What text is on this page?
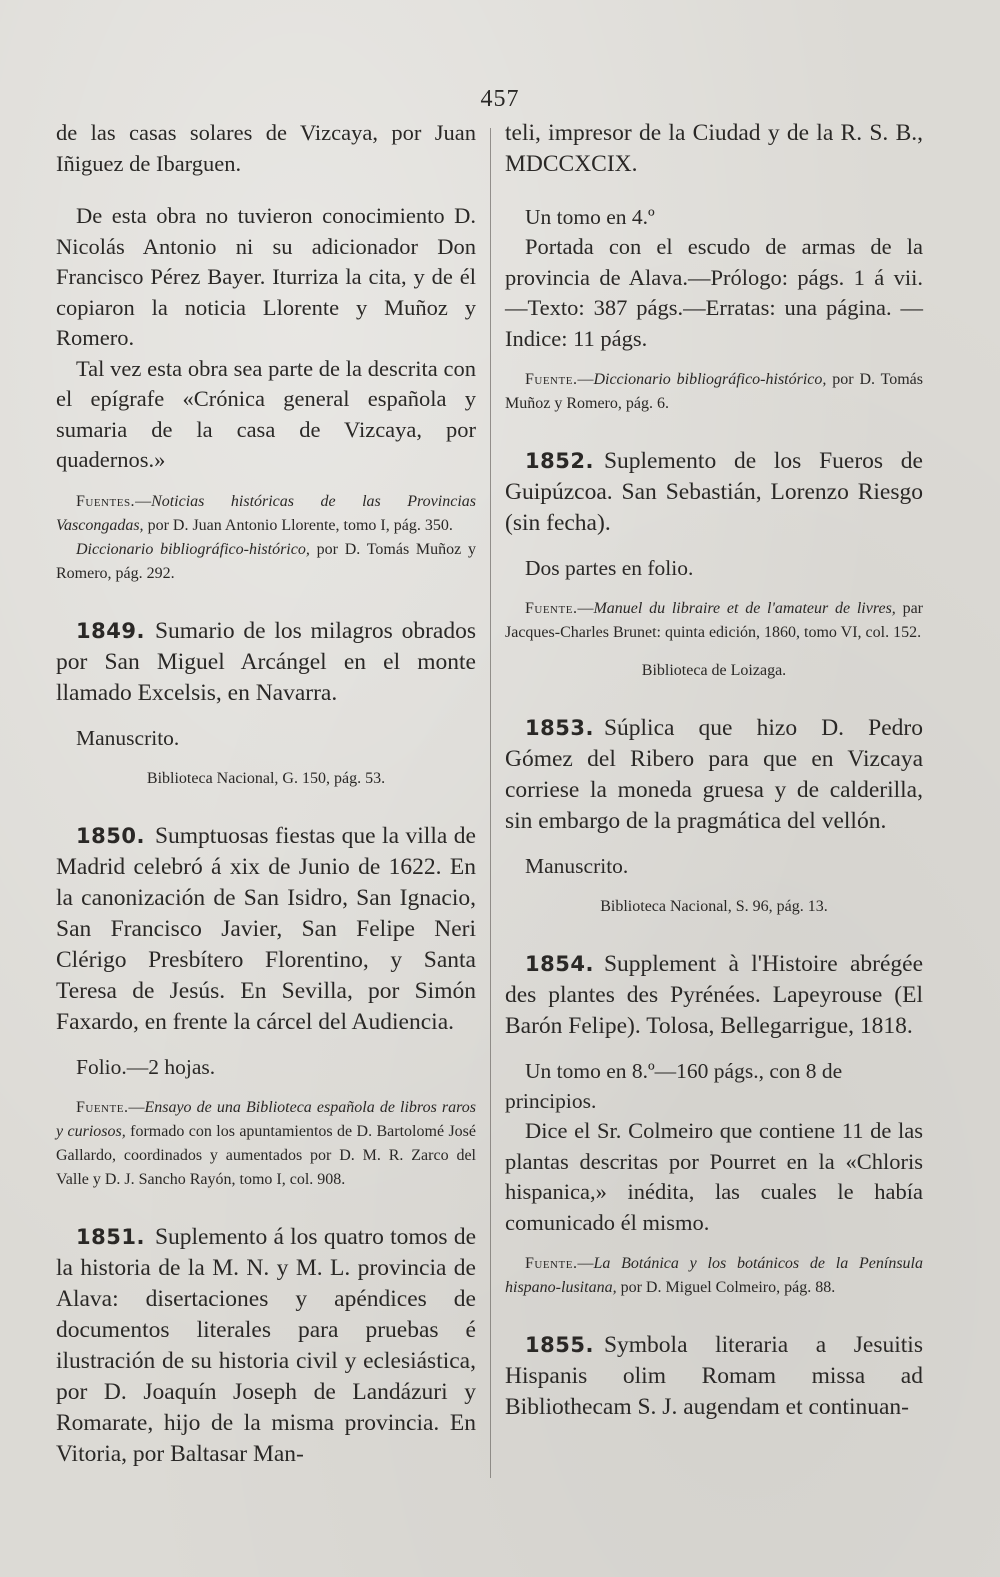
457

de las casas solares de Vizcaya, por Juan Iñiguez de Ibarguen.

De esta obra no tuvieron conocimiento D. Nicolás Antonio ni su adicionador Don Francisco Pérez Bayer. Iturriza la cita, y de él copiaron la noticia Llorente y Muñoz y Romero.

Tal vez esta obra sea parte de la descrita con el epígrafe «Crónica general española y sumaria de la casa de Vizcaya, por quadernos.»

Fuentes.—Noticias históricas de las Provincias Vascongadas, por D. Juan Antonio Llorente, tomo I, pág. 350.

Diccionario bibliográfico-histórico, por D. Tomás Muñoz y Romero, pág. 292.

1849. Sumario de los milagros obrados por San Miguel Arcángel en el monte llamado Excelsis, en Navarra.

Manuscrito.

Biblioteca Nacional, G. 150, pág. 53.

1850. Sumptuosas fiestas que la villa de Madrid celebró á xix de Junio de 1622. En la canonización de San Isidro, San Ignacio, San Francisco Javier, San Felipe Neri Clérigo Presbítero Florentino, y Santa Teresa de Jesús. En Sevilla, por Simón Faxardo, en frente la cárcel del Audiencia.

Folio.—2 hojas.

Fuente.—Ensayo de una Biblioteca española de libros raros y curiosos, formado con los apuntamientos de D. Bartolomé José Gallardo, coordinados y aumentados por D. M. R. Zarco del Valle y D. J. Sancho Rayón, tomo I, col. 908.

1851. Suplemento á los quatro tomos de la historia de la M. N. y M. L. provincia de Alava: disertaciones y apéndices de documentos literales para pruebas é ilustración de su historia civil y eclesiástica, por D. Joaquín Joseph de Landázuri y Romarate, hijo de la misma provincia. En Vitoria, por Baltasar Man-

teli, impresor de la Ciudad y de la R. S. B., MDCCXCIX.

Un tomo en 4.º

Portada con el escudo de armas de la provincia de Alava.—Prólogo: págs. 1 á vii. —Texto: 387 págs.—Erratas: una página. —Indice: 11 págs.

Fuente.—Diccionario bibliográfico-histórico, por D. Tomás Muñoz y Romero, pág. 6.

1852. Suplemento de los Fueros de Guipúzcoa. San Sebastián, Lorenzo Riesgo (sin fecha).

Dos partes en folio.

Fuente.—Manuel du libraire et de l'amateur de livres, par Jacques-Charles Brunet: quinta edición, 1860, tomo VI, col. 152.

Biblioteca de Loizaga.

1853. Súplica que hizo D. Pedro Gómez del Ribero para que en Vizcaya corriese la moneda gruesa y de calderilla, sin embargo de la pragmática del vellón.

Manuscrito.

Biblioteca Nacional, S. 96, pág. 13.

1854. Supplement à l'Histoire abrégée des plantes des Pyrénées. Lapeyrouse (El Barón Felipe). Tolosa, Bellegarrigue, 1818.

Un tomo en 8.º—160 págs., con 8 de principios.

Dice el Sr. Colmeiro que contiene 11 de las plantas descritas por Pourret en la «Chloris hispanica,» inédita, las cuales le había comunicado él mismo.

Fuente.—La Botánica y los botánicos de la Península hispano-lusitana, por D. Miguel Colmeiro, pág. 88.

1855. Symbola literaria a Jesuitis Hispanis olim Romam missa ad Bibliothecam S. J. augendam et continuan-
